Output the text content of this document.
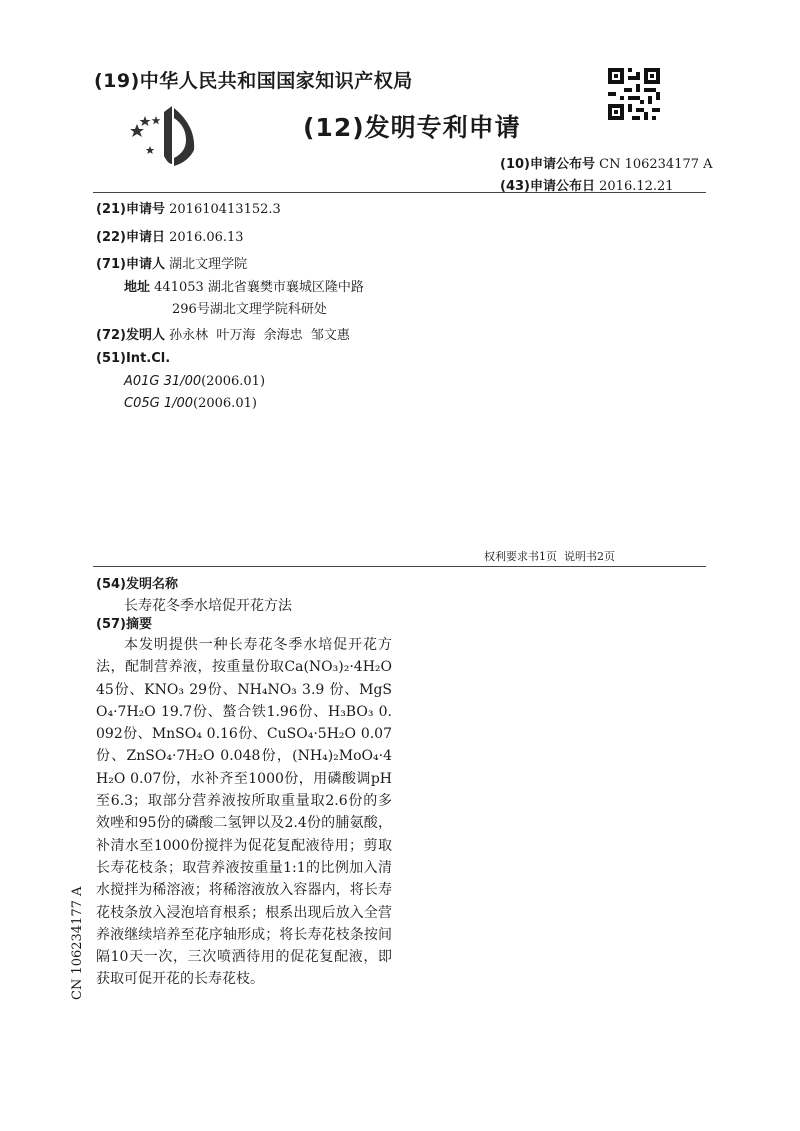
(19)中华人民共和国国家知识产权局
(12)发明专利申请
(10)申请公布号 CN 106234177 A
(43)申请公布日 2016.12.21
(21)申请号 201610413152.3
(22)申请日 2016.06.13
(71)申请人 湖北文理学院
地址 441053 湖北省襄樊市襄城区隆中路
296号湖北文理学院科研处
(72)发明人 孙永林  叶万海  余海忠  邹文惠
(51)Int.Cl.
A01G 31/00(2006.01)
C05G 1/00(2006.01)
权利要求书1页  说明书2页
(54)发明名称
长寿花冬季水培促开花方法
(57)摘要
本发明提供一种长寿花冬季水培促开花方法，配制营养液，按重量份取Ca(NO₃)₂·4H₂O 45份、KNO₃ 29份、NH₄NO₃ 3.9 份、MgSO₄·7H₂O 19.7份、螯合铁1.96份、H₃BO₃ 0.092份、MnSO₄ 0.16份、CuSO₄·5H₂O 0.07份、ZnSO₄·7H₂O 0.048份，(NH₄)₂MoO₄·4H₂O 0.07份，水补齐至1000份，用磷酸调pH至6.3；取部分营养液按所取重量取2.6份的多效唑和95份的磷酸二氢钾以及2.4份的脯氨酸，补清水至1000份搅拌为促花复配液待用；剪取长寿花枝条；取营养液按重量1:1的比例加入清水搅拌为稀溶液；将稀溶液放入容器内，将长寿花枝条放入浸泡培育根系；根系出现后放入全营养液继续培养至花序轴形成；将长寿花枝条按间隔10天一次，三次喷洒待用的促花复配液，即获取可促开花的长寿花枝。
CN 106234177 A
